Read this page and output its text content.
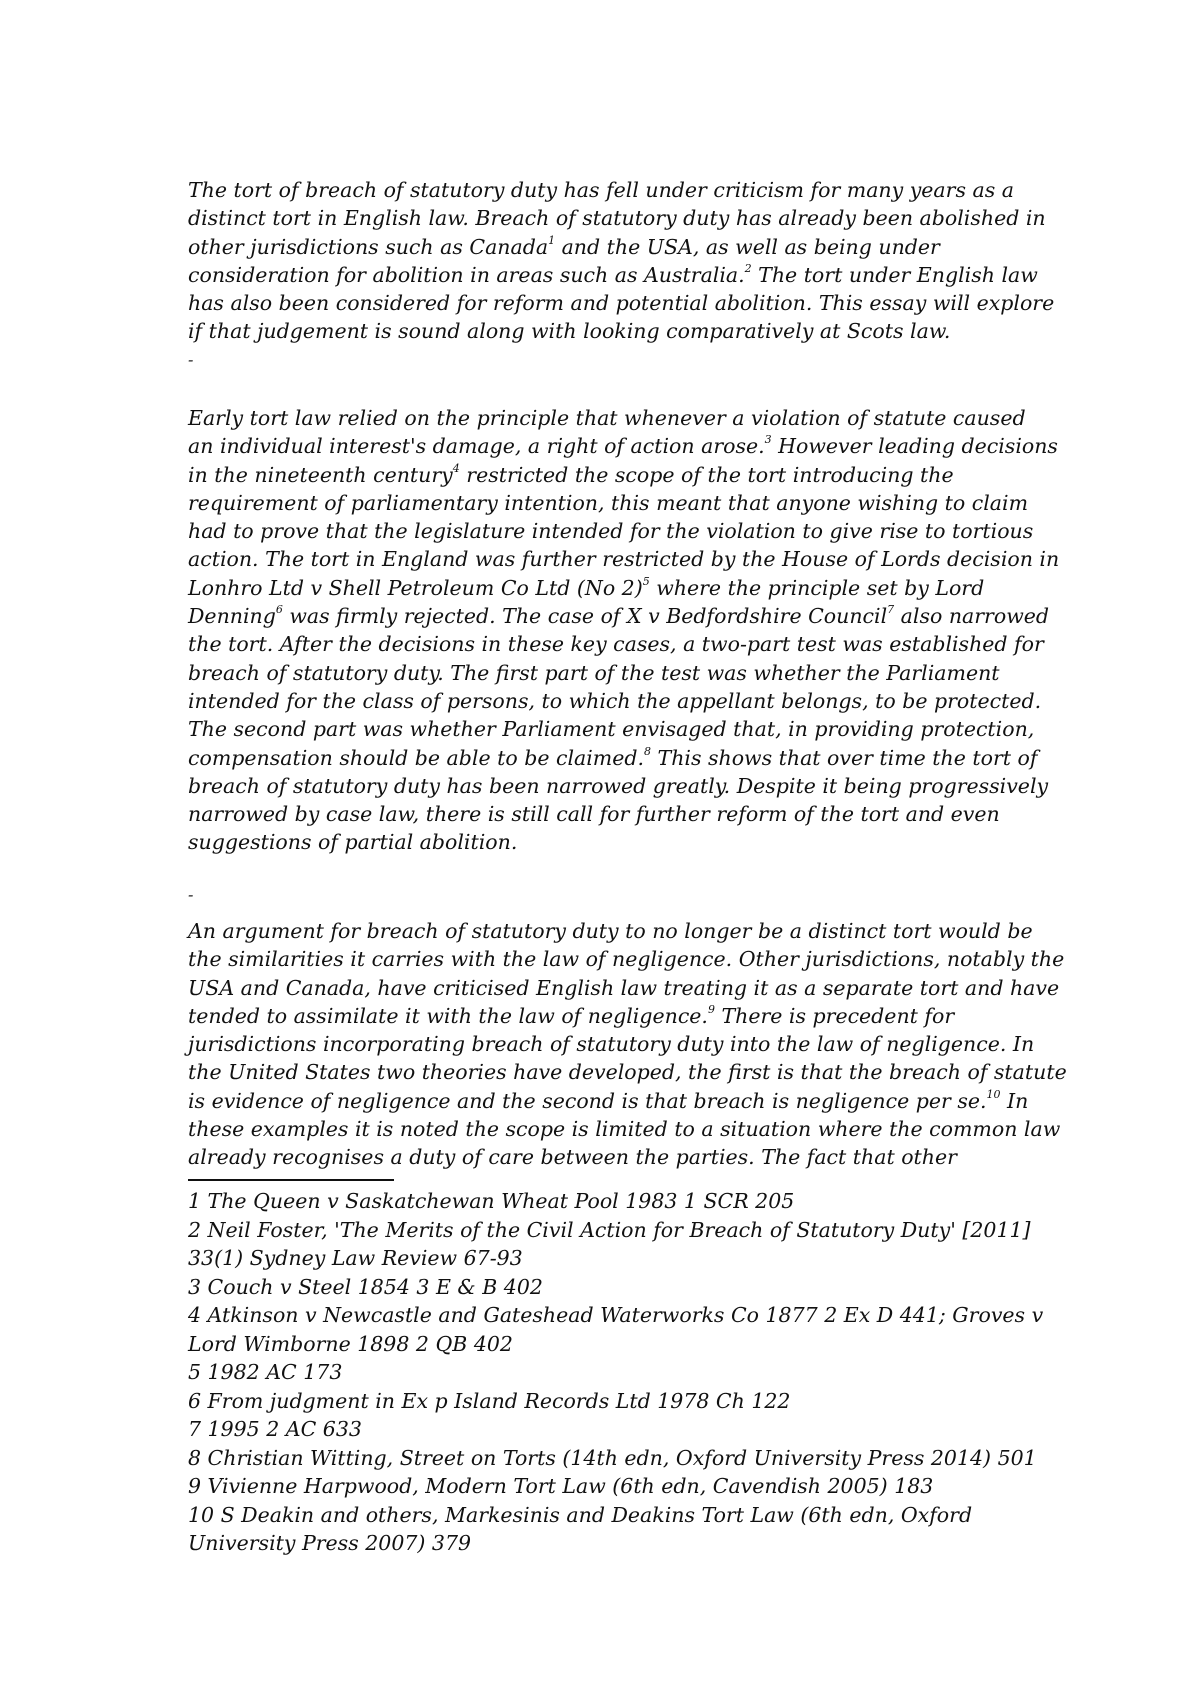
The tort of breach of statutory duty has fell under criticism for many years as a
distinct tort in English law. Breach of statutory duty has already been abolished in
other jurisdictions such as Canada$^1$ and the USA, as well as being under
consideration for abolition in areas such as Australia.$^2$ The tort under English law
has also been considered for reform and potential abolition. This essay will explore
if that judgement is sound along with looking comparatively at Scots law.
-
Early tort law relied on the principle that whenever a violation of statute caused
an individual interest's damage, a right of action arose.$^3$ However leading decisions
in the nineteenth century$^4$ restricted the scope of the tort introducing the
requirement of parliamentary intention, this meant that anyone wishing to claim
had to prove that the legislature intended for the violation to give rise to tortious
action. The tort in England was further restricted by the House of Lords decision in
Lonhro Ltd v Shell Petroleum Co Ltd (No 2)$^5$ where the principle set by Lord
Denning$^6$ was firmly rejected. The case of X v Bedfordshire Council$^7$ also narrowed
the tort. After the decisions in these key cases, a two-part test was established for
breach of statutory duty. The first part of the test was whether the Parliament
intended for the class of persons, to which the appellant belongs, to be protected.
The second part was whether Parliament envisaged that, in providing protection,
compensation should be able to be claimed.$^8$ This shows that over time the tort of
breach of statutory duty has been narrowed greatly. Despite it being progressively
narrowed by case law, there is still call for further reform of the tort and even
suggestions of partial abolition.
-
An argument for breach of statutory duty to no longer be a distinct tort would be
the similarities it carries with the law of negligence. Other jurisdictions, notably the
USA and Canada, have criticised English law treating it as a separate tort and have
tended to assimilate it with the law of negligence.$^9$ There is precedent for
jurisdictions incorporating breach of statutory duty into the law of negligence. In
the United States two theories have developed, the first is that the breach of statute
is evidence of negligence and the second is that breach is negligence per se.$^{10}$ In
these examples it is noted the scope is limited to a situation where the common law
already recognises a duty of care between the parties. The fact that other
1 The Queen v Saskatchewan Wheat Pool 1983 1 SCR 205
2 Neil Foster, 'The Merits of the Civil Action for Breach of Statutory Duty' [2011]
33(1) Sydney Law Review 67-93
3 Couch v Steel 1854 3 E & B 402
4 Atkinson v Newcastle and Gateshead Waterworks Co 1877 2 Ex D 441; Groves v
Lord Wimborne 1898 2 QB 402
5 1982 AC 173
6 From judgment in Ex p Island Records Ltd 1978 Ch 122
7 1995 2 AC 633
8 Christian Witting, Street on Torts (14th edn, Oxford University Press 2014) 501
9 Vivienne Harpwood, Modern Tort Law (6th edn, Cavendish 2005) 183
10 S Deakin and others, Markesinis and Deakins Tort Law (6th edn, Oxford
University Press 2007) 379
